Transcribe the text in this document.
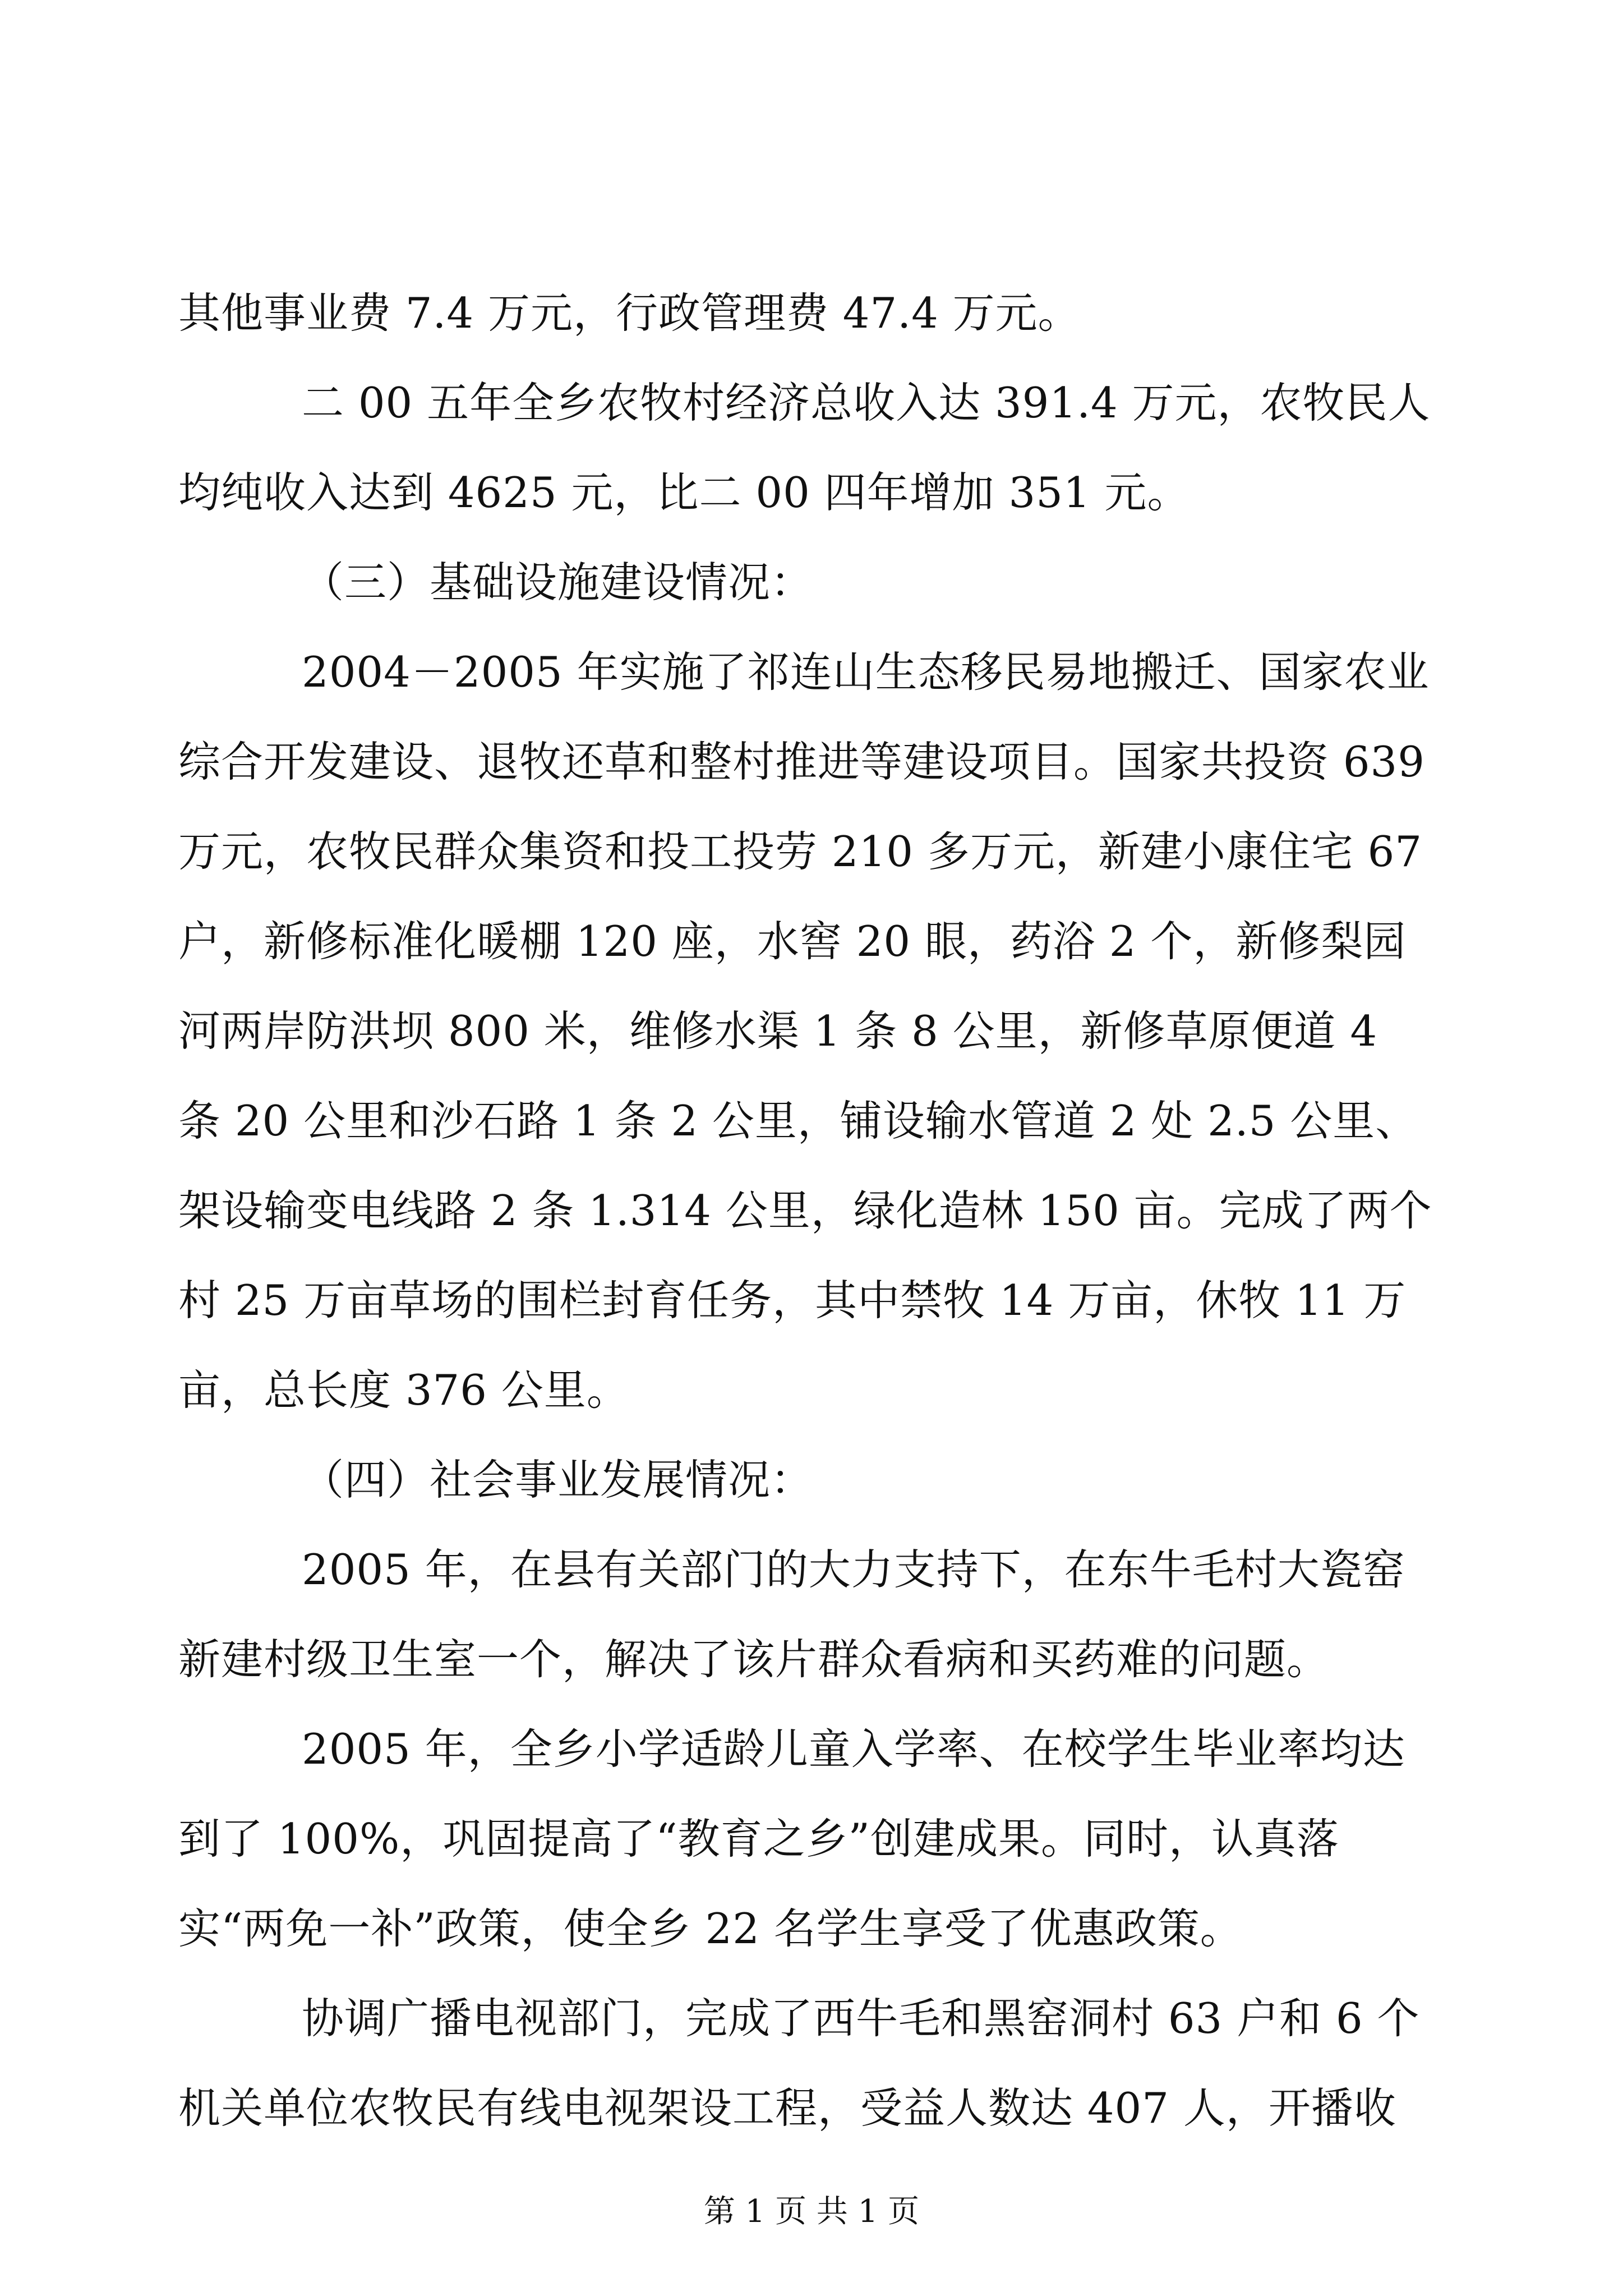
其他事业费 7.4 万元，行政管理费 47.4 万元。
二 00 五年全乡农牧村经济总收入达 391.4 万元，农牧民人
均纯收入达到 4625 元，比二 00 四年增加 351 元。
（三）基础设施建设情况：
2004－2005 年实施了祁连山生态移民易地搬迁、国家农业
综合开发建设、退牧还草和整村推进等建设项目。国家共投资 639
万元，农牧民群众集资和投工投劳 210 多万元，新建小康住宅 67
户，新修标准化暖棚 120 座，水窖 20 眼，药浴 2 个，新修梨园
河两岸防洪坝 800 米，维修水渠 1 条 8 公里，新修草原便道 4
条 20 公里和沙石路 1 条 2 公里，铺设输水管道 2 处 2.5 公里、
架设输变电线路 2 条 1.314 公里，绿化造林 150 亩。完成了两个
村 25 万亩草场的围栏封育任务，其中禁牧 14 万亩，休牧 11 万
亩，总长度 376 公里。
（四）社会事业发展情况：
2005 年，在县有关部门的大力支持下，在东牛毛村大瓷窑
新建村级卫生室一个，解决了该片群众看病和买药难的问题。
2005 年，全乡小学适龄儿童入学率、在校学生毕业率均达
到了 100%，巩固提高了“教育之乡”创建成果。同时，认真落
实“两免一补”政策，使全乡 22 名学生享受了优惠政策。
协调广播电视部门，完成了西牛毛和黑窑洞村 63 户和 6 个
机关单位农牧民有线电视架设工程，受益人数达 407 人，开播收
第 1 页 共 1 页
